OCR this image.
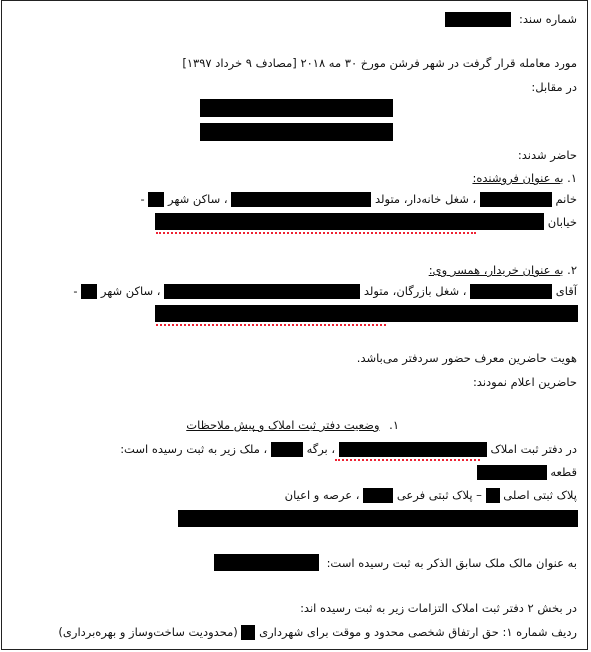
شماره سند:
مورد معامله قرار گرفت در شهر فرشن مورخ ۳۰ مه ۲۰۱۸ [مصادف ۹ خرداد ۱۳۹۷]
در مقابل:
حاضر شدند:
۱. به عنوان فروشنده:
خانم  ، شغل خانه‌دار، متولد  ، ساکن شهر  -
خیابان
۲. به عنوان خریدار، همسر وی:
آقای  ، شغل بازرگان، متولد  ، ساکن شهر  -
هویت حاضرین معرف حضور سردفتر می‌باشد.
حاضرین اعلام نمودند:
۱. وضعیت دفتر ثبت املاک و پیش ملاحظات
در دفتر ثبت املاک  ، برگه  ، ملک زیر به ثبت رسیده است:
قطعه
پلاک ثبتی اصلی  – پلاک ثبتی فرعی  ، عرصه و اعیان
به عنوان مالک ملک سابق الذکر به ثبت رسیده است:
در بخش ۲ دفتر ثبت املاک التزامات زیر به ثبت رسیده اند:
ردیف شماره ۱: حق ارتفاق شخصی محدود و موقت برای شهرداری  (محدودیت ساخت‌وساز و بهره‌برداری)
